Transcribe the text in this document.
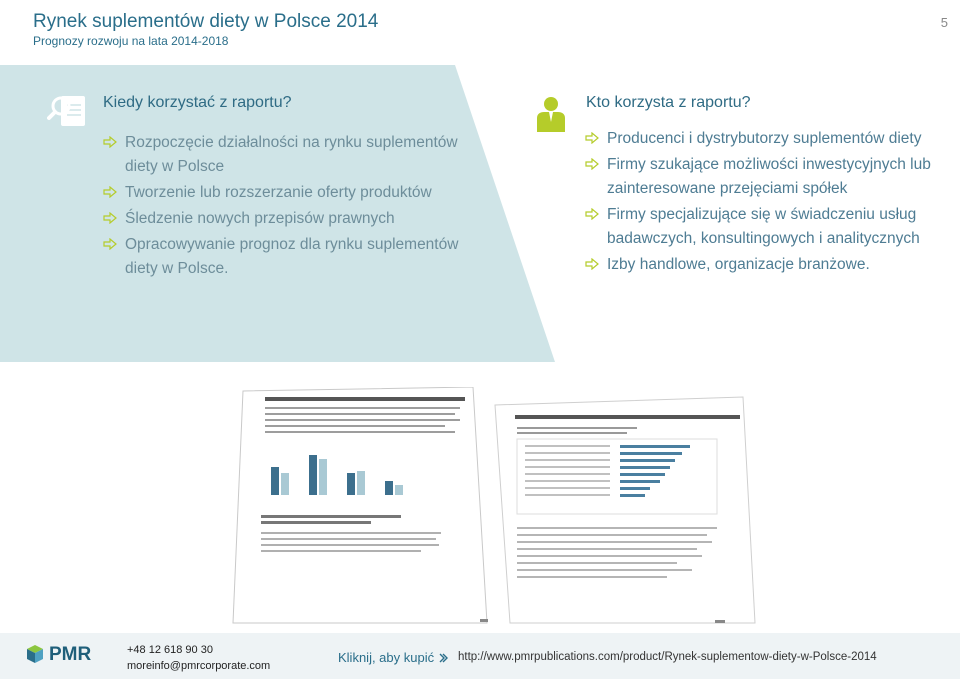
Rynek suplementów diety w Polsce 2014
Prognozy rozwoju na lata 2014-2018
5
Kiedy korzystać z raportu?
Rozpoczęcie działalności na rynku suplementów diety w Polsce
Tworzenie lub rozszerzanie oferty produktów
Śledzenie nowych przepisów prawnych
Opracowywanie prognoz dla rynku suplementów diety w Polsce.
Kto korzysta z raportu?
Producenci i dystrybutorzy suplementów diety
Firmy szukające możliwości inwestycyjnych lub zainteresowane przejęciami spółek
Firmy specjalizujące się w świadczeniu usług badawczych, konsultingowych i analitycznych
Izby handlowe, organizacje branżowe.
PMR	+48 12 618 90 30
moreinfo@pmrcorporate.com
Kliknij, aby kupić http://www.pmrpublications.com/product/Rynek-suplementow-diety-w-Polsce-2014
